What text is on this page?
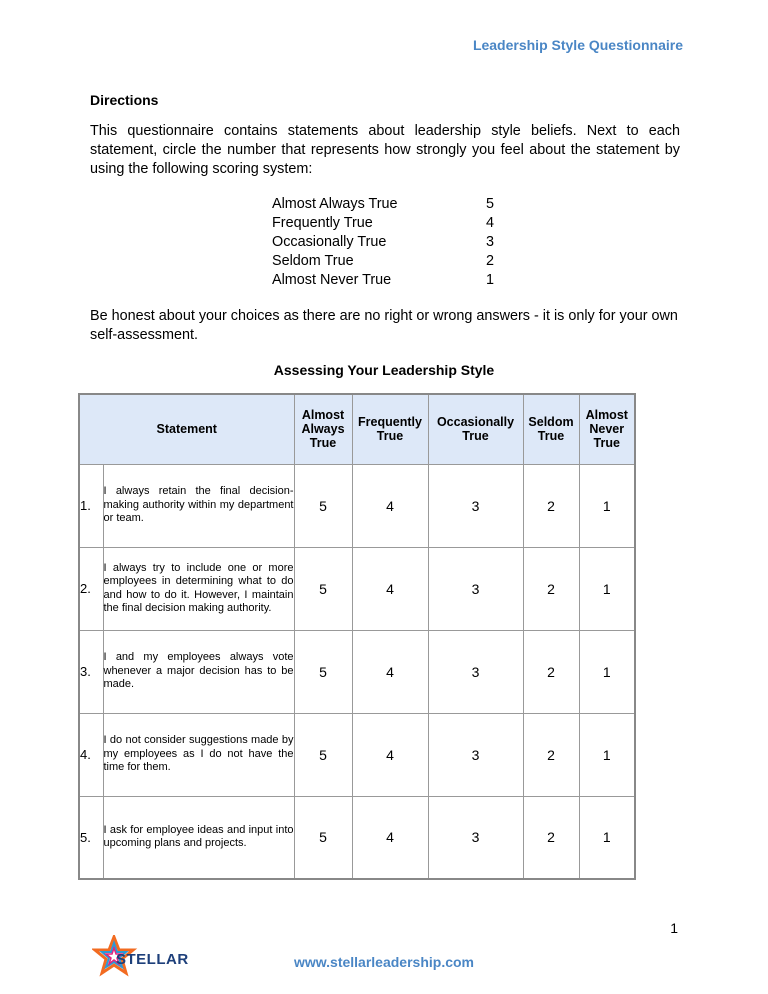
Leadership Style Questionnaire
Directions
This questionnaire contains statements about leadership style beliefs. Next to each statement, circle the number that represents how strongly you feel about the statement by using the following scoring system:
Almost Always True	5
Frequently True	4
Occasionally True	3
Seldom True	2
Almost Never True	1
Be honest about your choices as there are no right or wrong answers - it is only for your own self-assessment.
Assessing Your Leadership Style
Statement		Almost Always True	Frequently True	Occasionally True	Seldom True	Almost Never True
1.	I always retain the final decision-making authority within my department or team.	5	4	3	2	1
2.	I always try to include one or more employees in determining what to do and how to do it. However, I maintain the final decision making authority.	5	4	3	2	1
3.	I and my employees always vote whenever a major decision has to be made.	5	4	3	2	1
4.	I do not consider suggestions made by my employees as I do not have the time for them.	5	4	3	2	1
5.	I ask for employee ideas and input into upcoming plans and projects.	5	4	3	2	1
STELLAR
1
www.stellarleadership.com
